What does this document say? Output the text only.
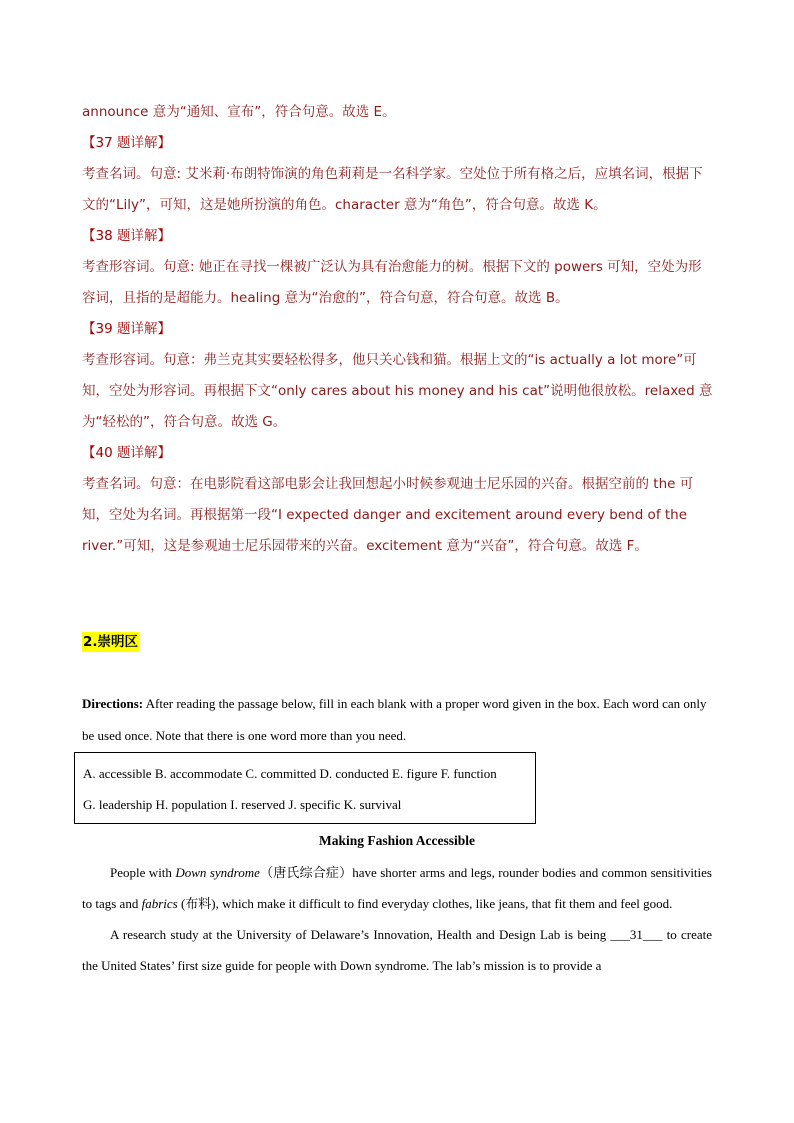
announce 意为“通知、宣布”，符合句意。故选 E。

【37 题详解】

考查名词。句意: 艾米莉·布朗特饰演的角色莉莉是一名科学家。空处位于所有格之后，应填名词，根据下文的“Lily”，可知，这是她所扮演的角色。character 意为“角色”，符合句意。故选 K。

【38 题详解】

考查形容词。句意: 她正在寻找一棵被广泛认为具有治愈能力的树。根据下文的 powers 可知，空处为形容词，且指的是超能力。healing 意为“治愈的”，符合句意，符合句意。故选 B。

【39 题详解】

考查形容词。句意：弗兰克其实要轻松得多，他只关心钱和猫。根据上文的“is actually a lot more”可知，空处为形容词。再根据下文“only cares about his money and his cat”说明他很放松。relaxed 意为“轻松的”，符合句意。故选 G。

【40 题详解】

考查名词。句意：在电影院看这部电影会让我回想起小时候参观迪士尼乐园的兴奋。根据空前的 the 可知，空处为名词。再根据第一段“I expected danger and excitement around every bend of the river.”可知，这是参观迪士尼乐园带来的兴奋。excitement 意为“兴奋”，符合句意。故选 F。

2.崇明区
Directions: After reading the passage below, fill in each blank with a proper word given in the box. Each word can only be used once. Note that there is one word more than you need.
A. accessible B. accommodate C. committed D. conducted E. figure F. function
G. leadership H. population I. reserved J. specific K. survival
Making Fashion Accessible

People with Down syndrome（唐氏综合症）have shorter arms and legs, rounder bodies and common sensitivities to tags and fabrics (布料), which make it difficult to find everyday clothes, like jeans, that fit them and feel good.

A research study at the University of Delaware’s Innovation, Health and Design Lab is being ___31___ to create the United States’ first size guide for people with Down syndrome. The lab’s mission is to provide a
